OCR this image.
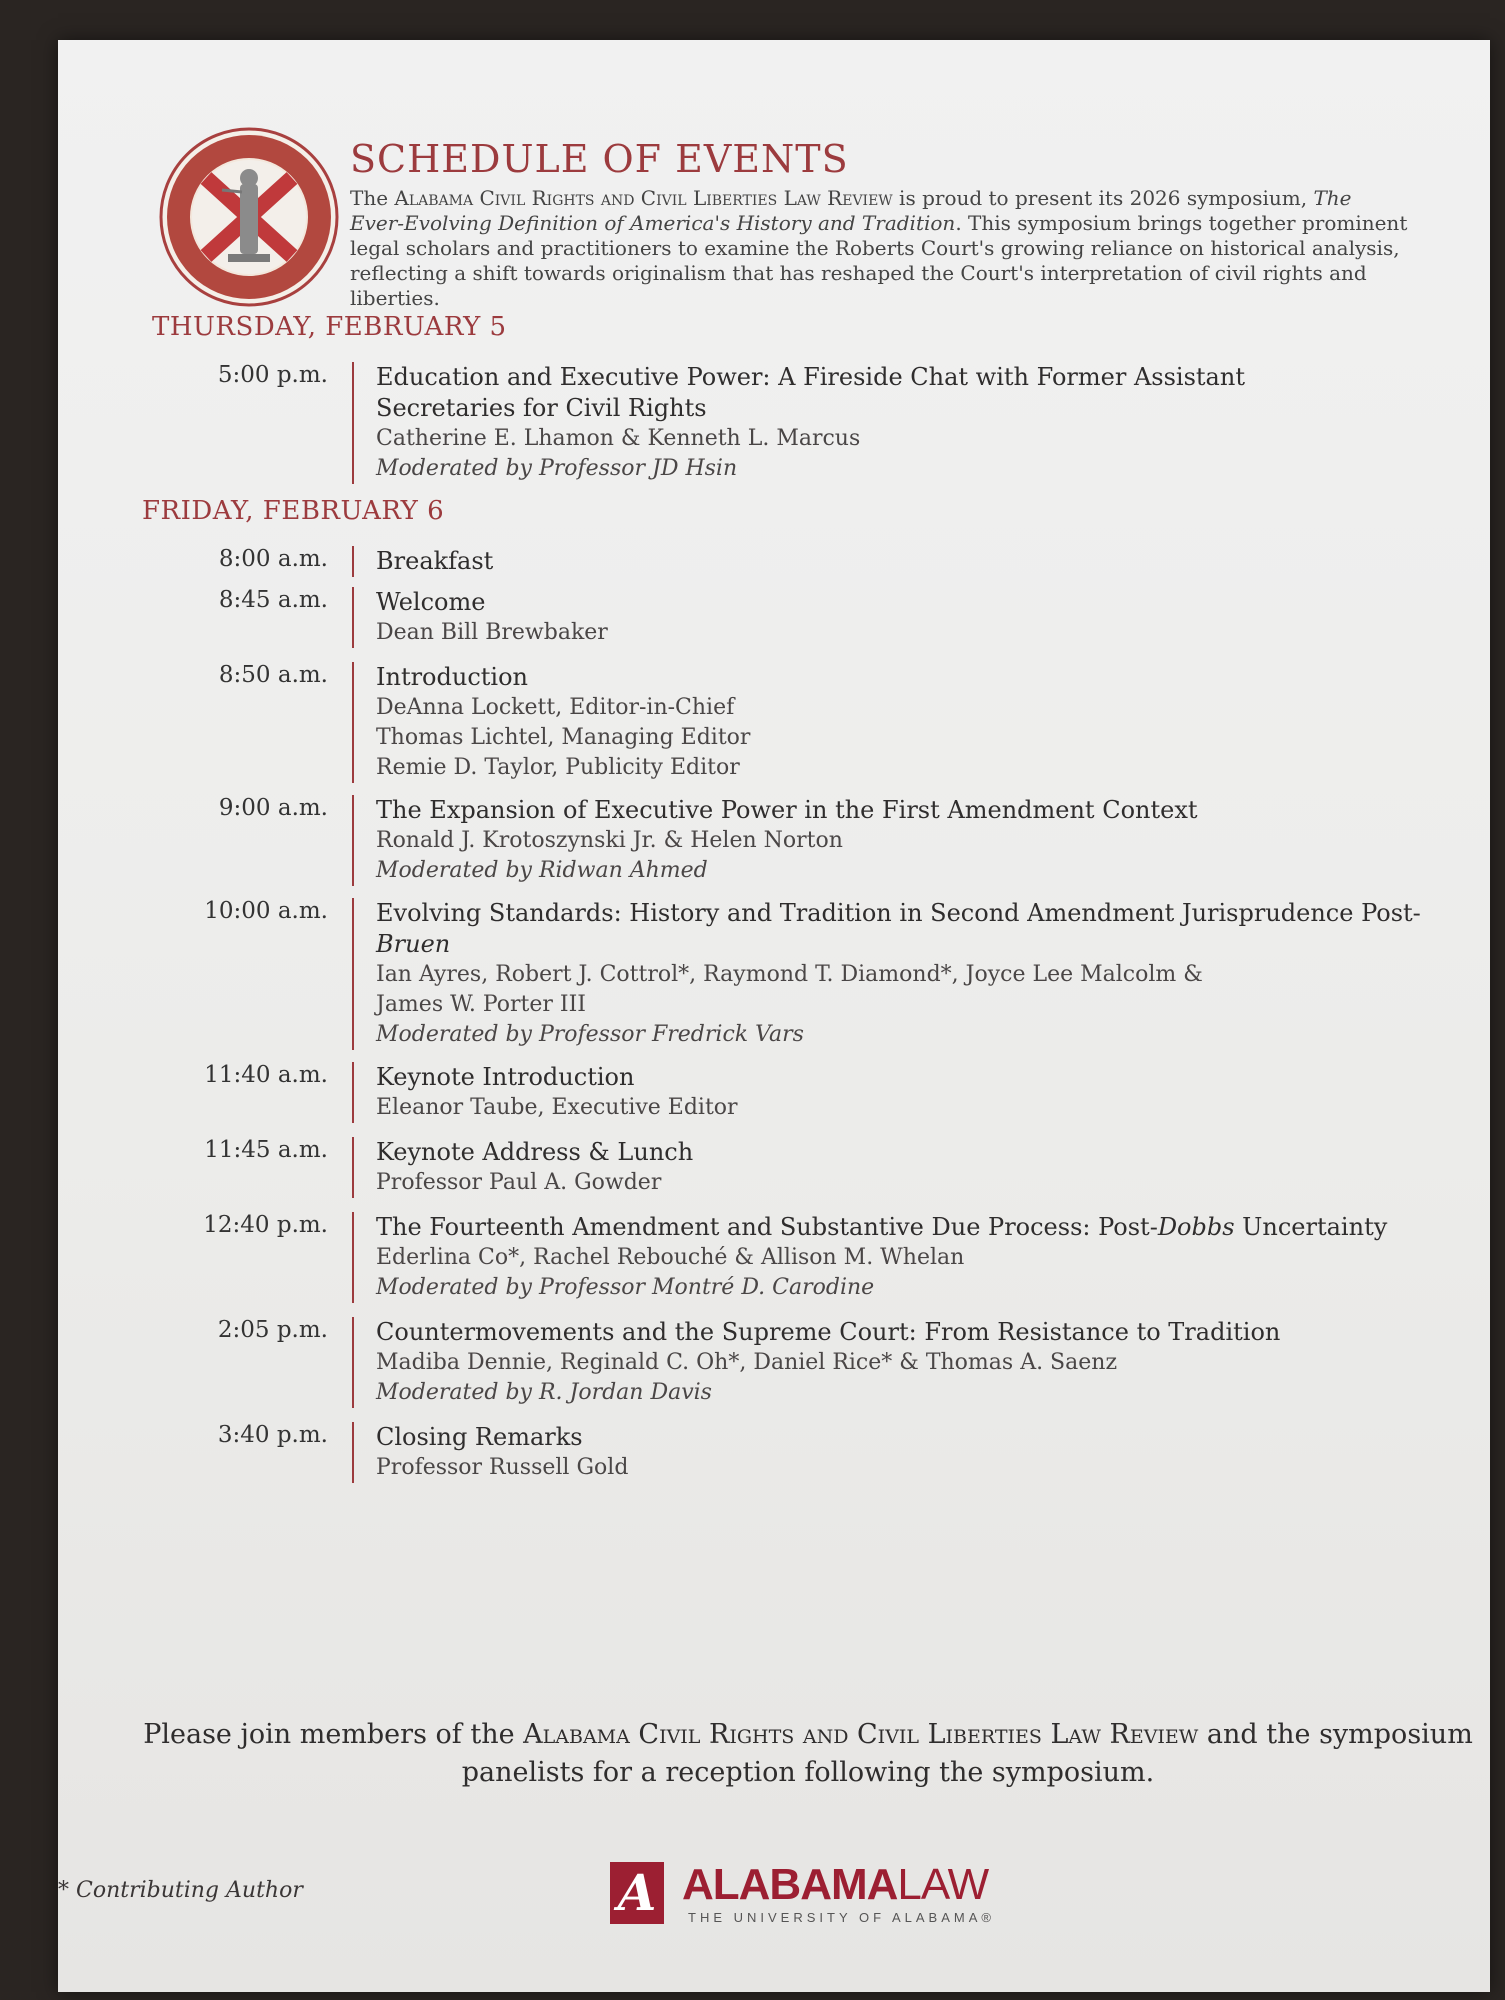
SCHEDULE OF EVENTS
The Alabama Civil Rights and Civil Liberties Law Review is proud to present its 2026 symposium, The Ever-Evolving Definition of America's History and Tradition. This symposium brings together prominent legal scholars and practitioners to examine the Roberts Court's growing reliance on historical analysis, reflecting a shift towards originalism that has reshaped the Court's interpretation of civil rights and liberties.
THURSDAY, FEBRUARY 5
5:00 p.m.	Education and Executive Power: A Fireside Chat with Former Assistant Secretaries for Civil Rights
Catherine E. Lhamon & Kenneth L. Marcus
Moderated by Professor JD Hsin
FRIDAY, FEBRUARY 6
8:00 a.m.	Breakfast
8:45 a.m.	Welcome
Dean Bill Brewbaker
8:50 a.m.	Introduction
DeAnna Lockett, Editor-in-Chief
Thomas Lichtel, Managing Editor
Remie D. Taylor, Publicity Editor
9:00 a.m.	The Expansion of Executive Power in the First Amendment Context
Ronald J. Krotoszynski Jr. & Helen Norton
Moderated by Ridwan Ahmed
10:00 a.m.	Evolving Standards: History and Tradition in Second Amendment Jurisprudence Post-Bruen
Ian Ayres, Robert J. Cottrol*, Raymond T. Diamond*, Joyce Lee Malcolm &
James W. Porter III
Moderated by Professor Fredrick Vars
11:40 a.m.	Keynote Introduction
Eleanor Taube, Executive Editor
11:45 a.m.	Keynote Address & Lunch
Professor Paul A. Gowder
12:40 p.m.	The Fourteenth Amendment and Substantive Due Process: Post-Dobbs Uncertainty
Ederlina Co*, Rachel Rebouché & Allison M. Whelan
Moderated by Professor Montré D. Carodine
2:05 p.m.	Countermovements and the Supreme Court: From Resistance to Tradition
Madiba Dennie, Reginald C. Oh*, Daniel Rice* & Thomas A. Saenz
Moderated by R. Jordan Davis
3:40 p.m.	Closing Remarks
Professor Russell Gold
Please join members of the Alabama Civil Rights and Civil Liberties Law Review and the symposium panelists for a reception following the symposium.
* Contributing Author	A ALABAMALAW
THE UNIVERSITY OF ALABAMA®
